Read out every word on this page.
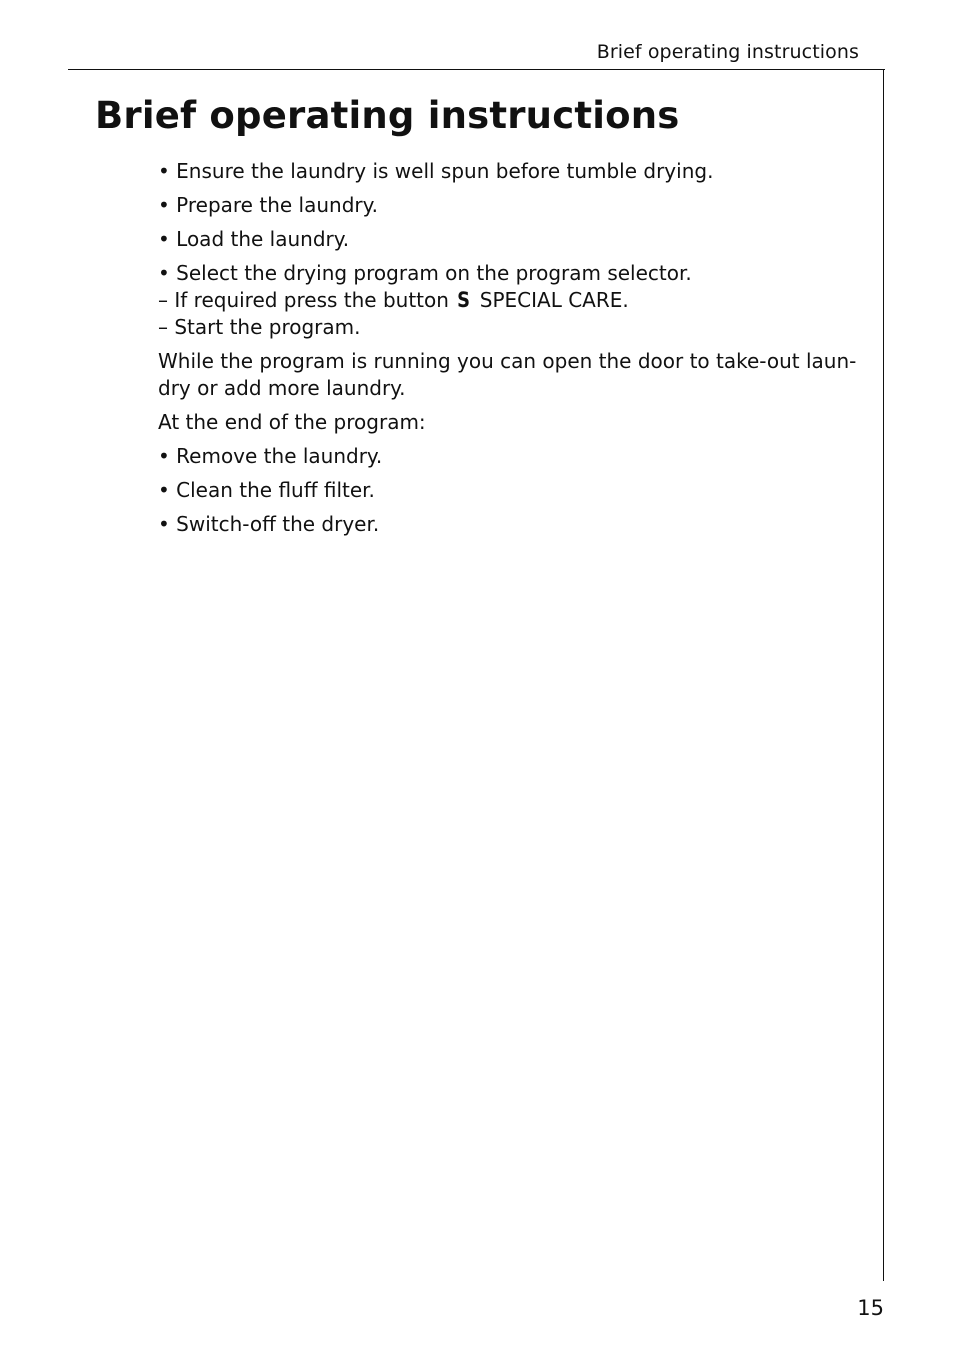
Brief operating instructions
Brief operating instructions

• Ensure the laundry is well spun before tumble drying.

• Prepare the laundry.

• Load the laundry.

• Select the drying program on the program selector.

– If required press the button S SPECIAL CARE.

– Start the program.

While the program is running you can open the door to take-out laun-

dry or add more laundry.

At the end of the program:

• Remove the laundry.

• Clean the fluff filter.

• Switch-off the dryer.

15
